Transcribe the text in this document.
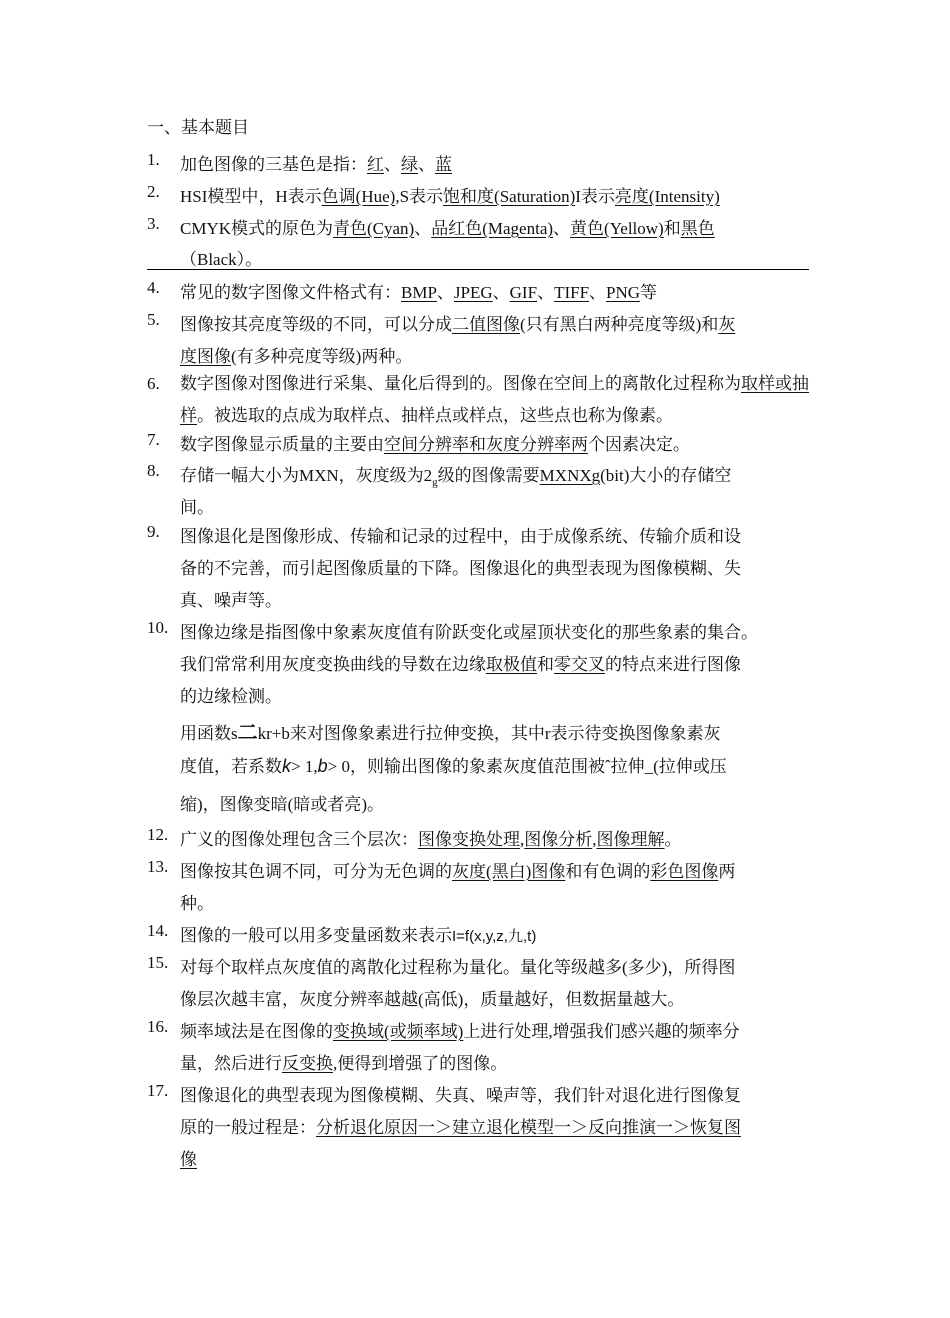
一、基本题目
1. 加色图像的三基色是指：红、绿、蓝
2. HSI模型中，H表示色调(Hue),S表示饱和度(Saturation)I表示亮度(Intensity)
3. CMYK模式的原色为青色(Cyan)、品红色(Magenta)、黄色(Yellow)和黑色
（Black）。
4. 常见的数字图像文件格式有：BMP、JPEG、GIF、TIFF、PNG等
5. 图像按其亮度等级的不同，可以分成二值图像(只有黑白两种亮度等级)和灰
度图像(有多种亮度等级)两种。
6. 数字图像对图像进行采集、量化后得到的。图像在空间上的离散化过程称为取样或抽样。被选取的点成为取样点、抽样点或样点，这些点也称为像素。
7. 数字图像显示质量的主要由空间分辨率和灰度分辨率两个因素决定。
8. 存储一幅大小为MXN，灰度级为$2_g$级的图像需要MXNXg(bit)大小的存储空
间。
9. 图像退化是图像形成、传输和记录的过程中，由于成像系统、传输介质和设
备的不完善，而引起图像质量的下降。图像退化的典型表现为图像模糊、失
真、噪声等。
10. 图像边缘是指图像中象素灰度值有阶跃变化或屋顶状变化的那些象素的集合。
我们常常利用灰度变换曲线的导数在边缘取极值和零交叉的特点来进行图像
的边缘检测。
用函数s二kr+b来对图像象素进行拉伸变换，其中r表示待变换图像象素灰
度值，若系数k> 1,b> 0，则输出图像的象素灰度值范围被ˆ拉伸_(拉伸或压
缩)，图像变暗(暗或者亮)。
12. 广义的图像处理包含三个层次：图像变换处理,图像分析,图像理解。
13. 图像按其色调不同，可分为无色调的灰度(黑白)图像和有色调的彩色图像两
种。
14. 图像的一般可以用多变量函数来表示I=f(x,y,z,九,t)
15. 对每个取样点灰度值的离散化过程称为量化。量化等级越多(多少)，所得图
像层次越丰富，灰度分辨率越越(高低)，质量越好，但数据量越大。
16. 频率域法是在图像的变换域(或频率域)上进行处理,增强我们感兴趣的频率分
量，然后进行反变换,便得到增强了的图像。
17. 图像退化的典型表现为图像模糊、失真、噪声等，我们针对退化进行图像复
原的一般过程是：分析退化原因一＞建立退化模型一＞反向推演一＞恢复图
像
